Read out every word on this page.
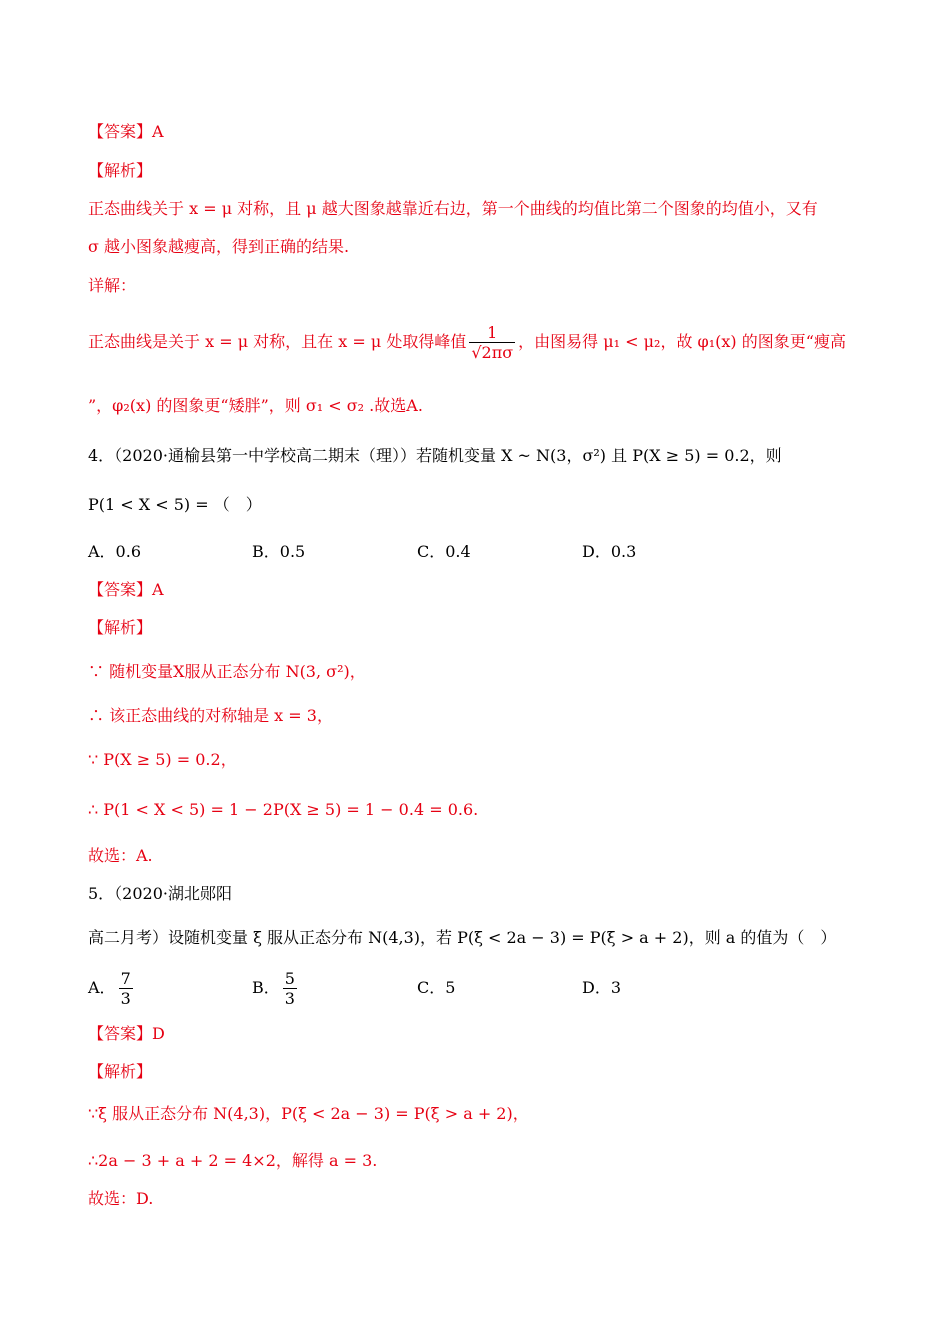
【答案】A
【解析】
正态曲线关于 x = μ 对称，且 μ 越大图象越靠近右边，第一个曲线的均值比第二个图象的均值小，又有
σ 越小图象越瘦高，得到正确的结果.
详解：
正态曲线是关于 x = μ 对称，且在 x = μ 处取得峰值 $\frac{1}{√2\pi\sigma}$ ，由图易得 μ₁ < μ₂，故 φ₁(x) 的图象更“瘦高
”，φ₂(x) 的图象更“矮胖”，则 σ₁ < σ₂ .故选A.
4．（2020·通榆县第一中学校高二期末（理））若随机变量 X ~ N(3，σ²) 且 P(X ≥ 5) = 0.2，则
P(1 < X < 5) = （　）
A．0.6	B．0.5	C．0.4	D．0.3
【答案】A
【解析】
∵ 随机变量X服从正态分布 N(3, σ²)，
∴ 该正态曲线的对称轴是 x = 3，
∵ P(X ≥ 5) = 0.2，
∴ P(1 < X < 5) = 1 − 2P(X ≥ 5) = 1 − 0.4 = 0.6.
故选：A.
5．（2020·湖北郧阳
高二月考）设随机变量 ξ 服从正态分布 N(4,3)，若 P(ξ < 2a − 3) = P(ξ > a + 2)，则 a 的值为（　）
A． $\frac{7}{3}$	B． $\frac{5}{3}$	C．5	D．3
【答案】D
【解析】
∵ξ 服从正态分布 N(4,3)，P(ξ < 2a − 3) = P(ξ > a + 2)，
∴2a − 3 + a + 2 = 4×2，解得 a = 3.
故选：D.
